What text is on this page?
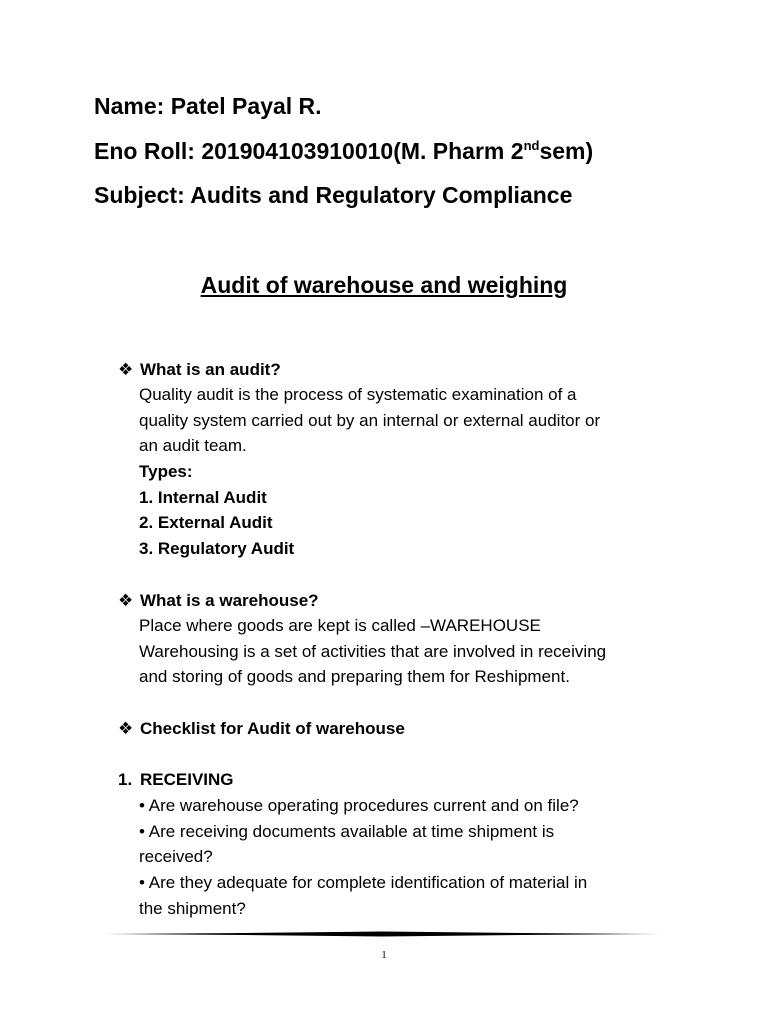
Name: Patel Payal R.
Eno Roll: 201904103910010(M. Pharm 2ndsem)
Subject: Audits and Regulatory Compliance
Audit of warehouse and weighing
❖ What is an audit?
Quality audit is the process of systematic examination of a
quality system carried out by an internal or external auditor or
an audit team.
Types:
1. Internal Audit
2. External Audit
3. Regulatory Audit
❖ What is a warehouse?
Place where goods are kept is called –WAREHOUSE
Warehousing is a set of activities that are involved in receiving
and storing of goods and preparing them for Reshipment.
❖ Checklist for Audit of warehouse
1. RECEIVING
• Are warehouse operating procedures current and on file?
• Are receiving documents available at time shipment is
received?
• Are they adequate for complete identification of material in
the shipment?
1
